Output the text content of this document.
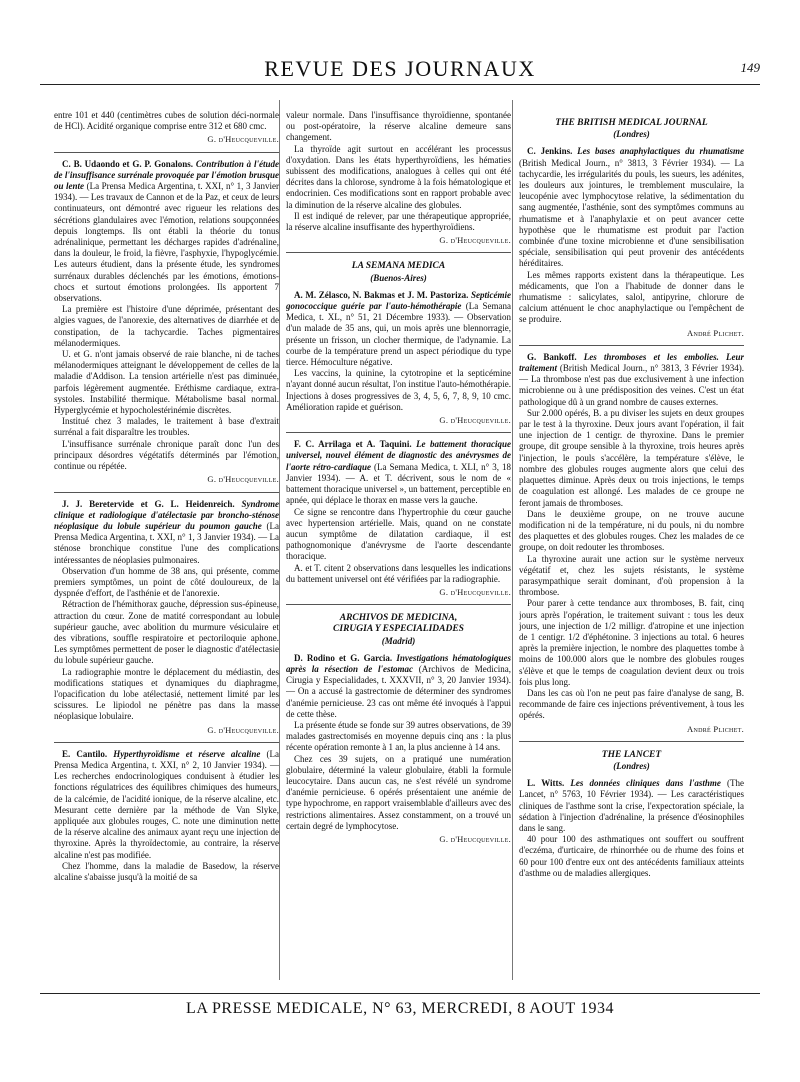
REVUE DES JOURNAUX	149

entre 101 et 440 (centimètres cubes de solution déci-normale de HCl). Acidité organique comprise entre 312 et 680 cmc.

G. d'Heucqueville.

C. B. Udaondo et G. P. Gonalons. Contribution à l'étude de l'insuffisance surrénale provoquée par l'émotion brusque ou lente (La Prensa Medica Argentina, t. XXI, n° 1, 3 Janvier 1934). — Les travaux de Cannon et de la Paz, et ceux de leurs continuateurs, ont démontré avec rigueur les relations des sécrétions glandulaires avec l'émotion, relations soupçonnées depuis longtemps. Ils ont établi la théorie du tonus adrénalinique, permettant les décharges rapides d'adrénaline, dans la douleur, le froid, la fièvre, l'asphyxie, l'hypoglycémie. Les auteurs étudient, dans la présente étude, les syndromes surrénaux durables déclenchés par les émotions, émotions-chocs et surtout émotions prolongées. Ils apportent 7 observations.

La première est l'histoire d'une déprimée, présentant des algies vagues, de l'anorexie, des alternatives de diarrhée et de constipation, de la tachycardie. Taches pigmentaires mélanodermiques.

U. et G. n'ont jamais observé de raie blanche, ni de taches mélanodermiques atteignant le développement de celles de la maladie d'Addison. La tension artérielle n'est pas diminuée, parfois légèrement augmentée. Eréthisme cardiaque, extra-systoles. Instabilité thermique. Métabolisme basal normal. Hyperglycémie et hypocholestérinémie discrètes.

Institué chez 3 malades, le traitement à base d'extrait surrénal a fait disparaître les troubles.

L'insuffisance surrénale chronique paraît donc l'un des principaux désordres végétatifs déterminés par l'émotion, continue ou répétée.

G. d'Heucqueville.

J. J. Beretervide et G. L. Heidenreich. Syndrome clinique et radiologique d'atélectasie par broncho-sténose néoplasique du lobule supérieur du poumon gauche (La Prensa Medica Argentina, t. XXI, n° 1, 3 Janvier 1934). — La sténose bronchique constitue l'une des complications intéressantes de néoplasies pulmonaires.

Observation d'un homme de 38 ans, qui présente, comme premiers symptômes, un point de côté douloureux, de la dyspnée d'effort, de l'asthénie et de l'anorexie.

Rétraction de l'hémithorax gauche, dépression sus-épineuse, attraction du cœur. Zone de matité correspondant au lobule supérieur gauche, avec abolition du murmure vésiculaire et des vibrations, souffle respiratoire et pectoriloquie aphone. Les symptômes permettent de poser le diagnostic d'atélectasie du lobule supérieur gauche.

La radiographie montre le déplacement du médiastin, des modifications statiques et dynamiques du diaphragme, l'opacification du lobe atélectasié, nettement limité par les scissures. Le lipiodol ne pénètre pas dans la masse néoplasique lobulaire.

G. d'Heucqueville.

E. Cantilo. Hyperthyroïdisme et réserve alcaline (La Prensa Medica Argentina, t. XXI, n° 2, 10 Janvier 1934). — Les recherches endocrinologiques conduisent à étudier les fonctions régulatrices des équilibres chimiques des humeurs, de la calcémie, de l'acidité ionique, de la réserve alcaline, etc. Mesurant cette dernière par la méthode de Van Slyke, appliquée aux globules rouges, C. note une diminution nette de la réserve alcaline des animaux ayant reçu une injection de thyroxine. Après la thyroïdectomie, au contraire, la réserve alcaline n'est pas modifiée.

Chez l'homme, dans la maladie de Basedow, la réserve alcaline s'abaisse jusqu'à la moitié de sa

valeur normale. Dans l'insuffisance thyroïdienne, spontanée ou post-opératoire, la réserve alcaline demeure sans changement.

La thyroïde agit surtout en accélérant les processus d'oxydation. Dans les états hyperthyroïdiens, les hématies subissent des modifications, analogues à celles qui ont été décrites dans la chlorose, syndrome à la fois hématologique et endocrinien. Ces modifications sont en rapport probable avec la diminution de la réserve alcaline des globules.

Il est indiqué de relever, par une thérapeutique appropriée, la réserve alcaline insuffisante des hyperthyroïdiens.

G. d'Heucqueville.
LA SEMANA MEDICA
(Buenos-Aires)

A. M. Zélasco, N. Bakmas et J. M. Pastoriza. Septicémie gonococcique guérie par l'auto-hémothérapie (La Semana Medica, t. XL, n° 51, 21 Décembre 1933). — Observation d'un malade de 35 ans, qui, un mois après une blennorragie, présente un frisson, un clocher thermique, de l'adynamie. La courbe de la température prend un aspect périodique du type tierce. Hémoculture négative.

Les vaccins, la quinine, la cytotropine et la septicémine n'ayant donné aucun résultat, l'on institue l'auto-hémothérapie. Injections à doses progressives de 3, 4, 5, 6, 7, 8, 9, 10 cmc. Amélioration rapide et guérison.

G. d'Heucqueville.

F. C. Arrilaga et A. Taquini. Le battement thoracique universel, nouvel élément de diagnostic des anévrysmes de l'aorte rétro-cardiaque (La Semana Medica, t. XLI, n° 3, 18 Janvier 1934). — A. et T. décrivent, sous le nom de « battement thoracique universel », un battement, perceptible en apnée, qui déplace le thorax en masse vers la gauche.

Ce signe se rencontre dans l'hypertrophie du cœur gauche avec hypertension artérielle. Mais, quand on ne constate aucun symptôme de dilatation cardiaque, il est pathognomonique d'anévrysme de l'aorte descendante thoracique.

A. et T. citent 2 observations dans lesquelles les indications du battement universel ont été vérifiées par la radiographie.

G. d'Heucqueville.
ARCHIVOS DE MEDICINA,
CIRUGIA Y ESPECIALIDADES
(Madrid)

D. Rodino et G. Garcia. Investigations hématologiques après la résection de l'estomac (Archivos de Medicina, Cirugia y Especialidades, t. XXXVII, n° 3, 20 Janvier 1934). — On a accusé la gastrectomie de déterminer des syndromes d'anémie pernicieuse. 23 cas ont même été invoqués à l'appui de cette thèse.

La présente étude se fonde sur 39 autres observations, de 39 malades gastrectomisés en moyenne depuis cinq ans : la plus récente opération remonte à 1 an, la plus ancienne à 14 ans.

Chez ces 39 sujets, on a pratiqué une numération globulaire, déterminé la valeur globulaire, établi la formule leucocytaire. Dans aucun cas, ne s'est révélé un syndrome d'anémie pernicieuse. 6 opérés présentaient une anémie de type hypochrome, en rapport vraisemblable d'ailleurs avec des restrictions alimentaires. Assez constamment, on a trouvé un certain degré de lymphocytose.

G. d'Heucqueville.
THE BRITISH MEDICAL JOURNAL
(Londres)

C. Jenkins. Les bases anaphylactiques du rhumatisme (British Medical Journ., n° 3813, 3 Février 1934). — La tachycardie, les irrégularités du pouls, les sueurs, les adénites, les douleurs aux jointures, le tremblement musculaire, la leucopénie avec lymphocytose relative, la sédimentation du sang augmentée, l'asthénie, sont des symptômes communs au rhumatisme et à l'anaphylaxie et on peut avancer cette hypothèse que le rhumatisme est produit par l'action combinée d'une toxine microbienne et d'une sensibilisation spéciale, sensibilisation qui peut provenir des antécédents héréditaires.

Les mêmes rapports existent dans la thérapeutique. Les médicaments, que l'on a l'habitude de donner dans le rhumatisme : salicylates, salol, antipyrine, chlorure de calcium atténuent le choc anaphylactique ou l'empêchent de se produire.

André Plichet.

G. Bankoff. Les thromboses et les embolies. Leur traitement (British Medical Journ., n° 3813, 3 Février 1934). — La thrombose n'est pas due exclusivement à une infection microbienne ou à une prédisposition des veines. C'est un état pathologique dû à un grand nombre de causes externes.

Sur 2.000 opérés, B. a pu diviser les sujets en deux groupes par le test à la thyroxine. Deux jours avant l'opération, il fait une injection de 1 centigr. de thyroxine. Dans le premier groupe, dit groupe sensible à la thyroxine, trois heures après l'injection, le pouls s'accélère, la température s'élève, le nombre des globules rouges augmente alors que celui des plaquettes diminue. Après deux ou trois injections, le temps de coagulation est allongé. Les malades de ce groupe ne feront jamais de thromboses.

Dans le deuxième groupe, on ne trouve aucune modification ni de la température, ni du pouls, ni du nombre des plaquettes et des globules rouges. Chez les malades de ce groupe, on doit redouter les thromboses.

La thyroxine aurait une action sur le système nerveux végétatif et, chez les sujets résistants, le système parasympathique serait dominant, d'où propension à la thrombose.

Pour parer à cette tendance aux thromboses, B. fait, cinq jours après l'opération, le traitement suivant : tous les deux jours, une injection de 1/2 milligr. d'atropine et une injection de 1 centigr. 1/2 d'éphétonine. 3 injections au total. 6 heures après la première injection, le nombre des plaquettes tombe à moins de 100.000 alors que le nombre des globules rouges s'élève et que le temps de coagulation devient deux ou trois fois plus long.

Dans les cas où l'on ne peut pas faire d'analyse de sang, B. recommande de faire ces injections préventivement, à tous les opérés.

André Plichet.
THE LANCET
(Londres)

L. Witts. Les données cliniques dans l'asthme (The Lancet, n° 5763, 10 Février 1934). — Les caractéristiques cliniques de l'asthme sont la crise, l'expectoration spéciale, la sédation à l'injection d'adrénaline, la présence d'éosinophiles dans le sang.

40 pour 100 des asthmatiques ont souffert ou souffrent d'eczéma, d'urticaire, de rhinorrhée ou de rhume des foins et 60 pour 100 d'entre eux ont des antécédents familiaux atteints d'asthme ou de maladies allergiques.

LA PRESSE MEDICALE, N° 63, MERCREDI, 8 AOUT 1934
